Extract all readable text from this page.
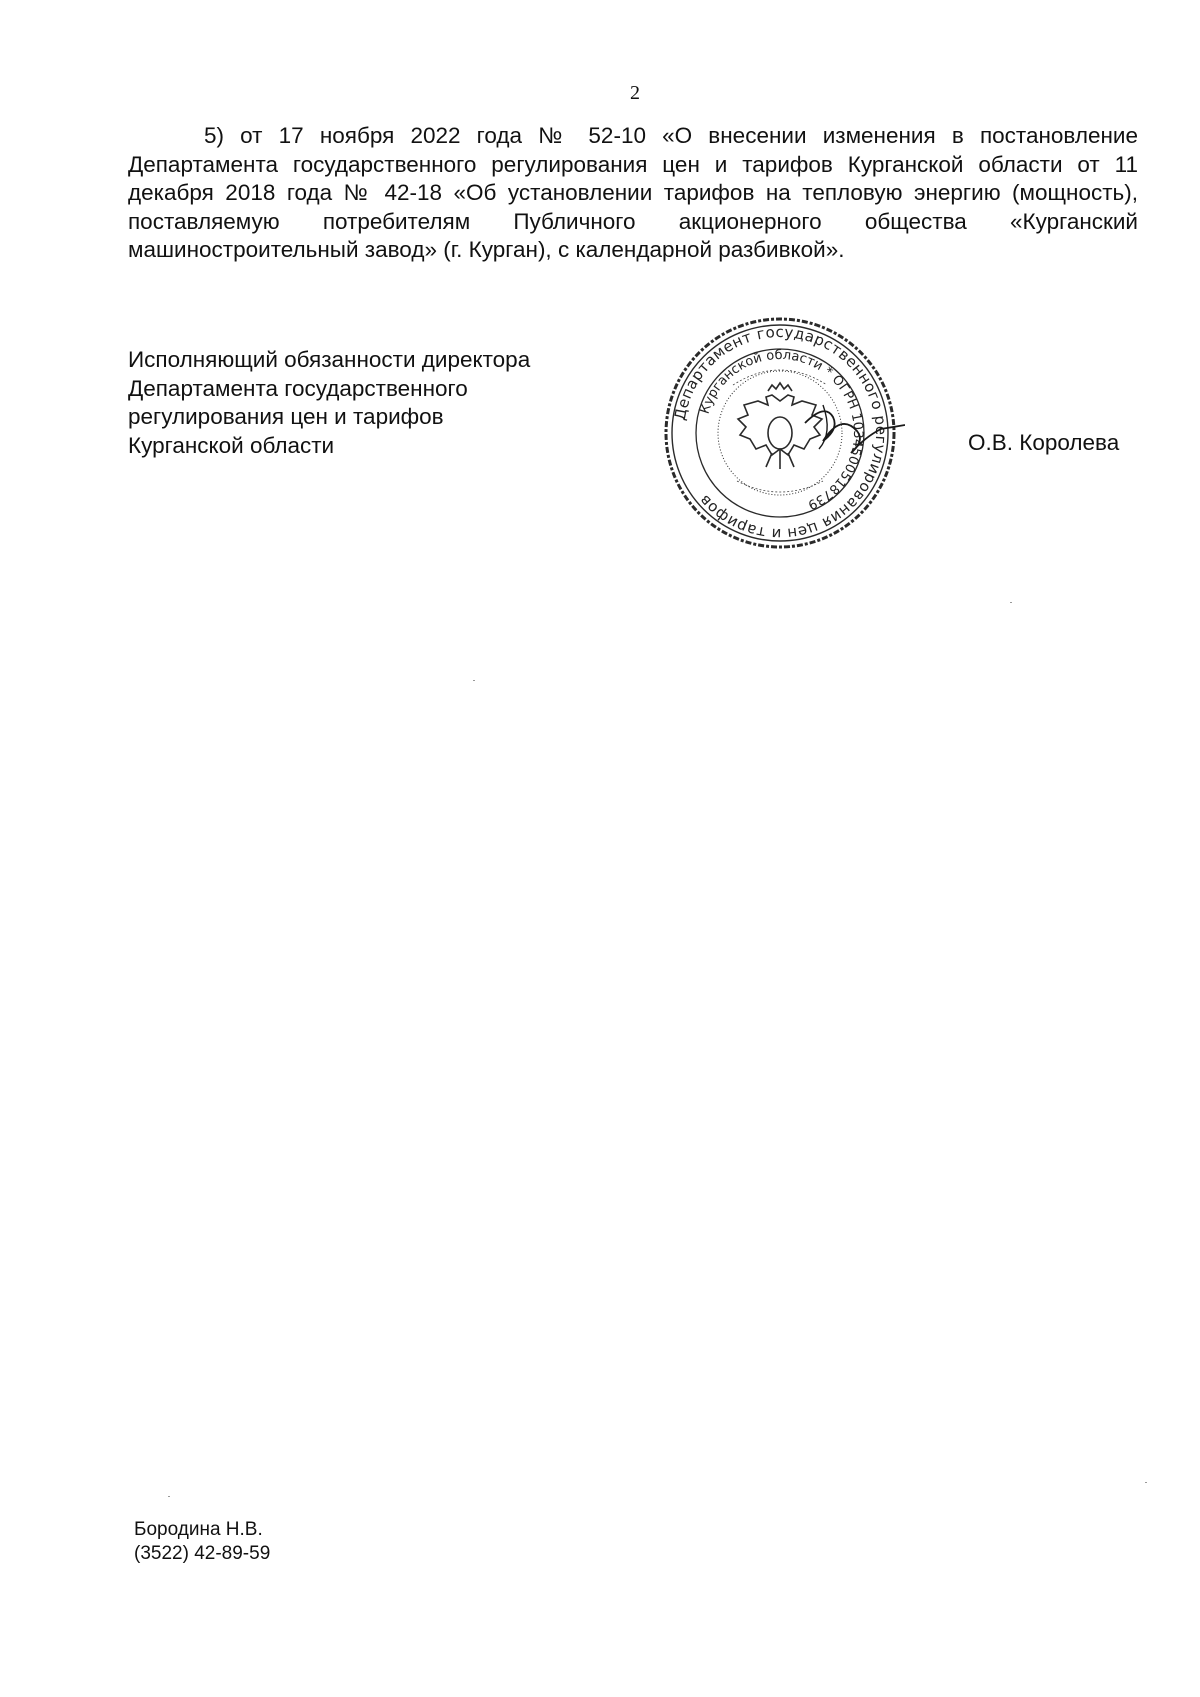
2

5) от 17 ноября 2022 года № 52-10 «О внесении изменения в постановление Департамента государственного регулирования цен и тарифов Курганской области от 11 декабря 2018 года № 42-18 «Об установлении тарифов на тепловую энергию (мощность), поставляемую потребителям Публичного акционерного общества «Курганский машиностроительный завод» (г. Курган), с календарной разбивкой».

Исполняющий обязанности директора
Департамента государственного
регулирования цен и тарифов
Курганской области
Департамент государственного регулирования цен и тарифов
Курганской области * ОГРН 1034500518739
О.В. Королева
Бородина Н.В.
(3522) 42-89-59
